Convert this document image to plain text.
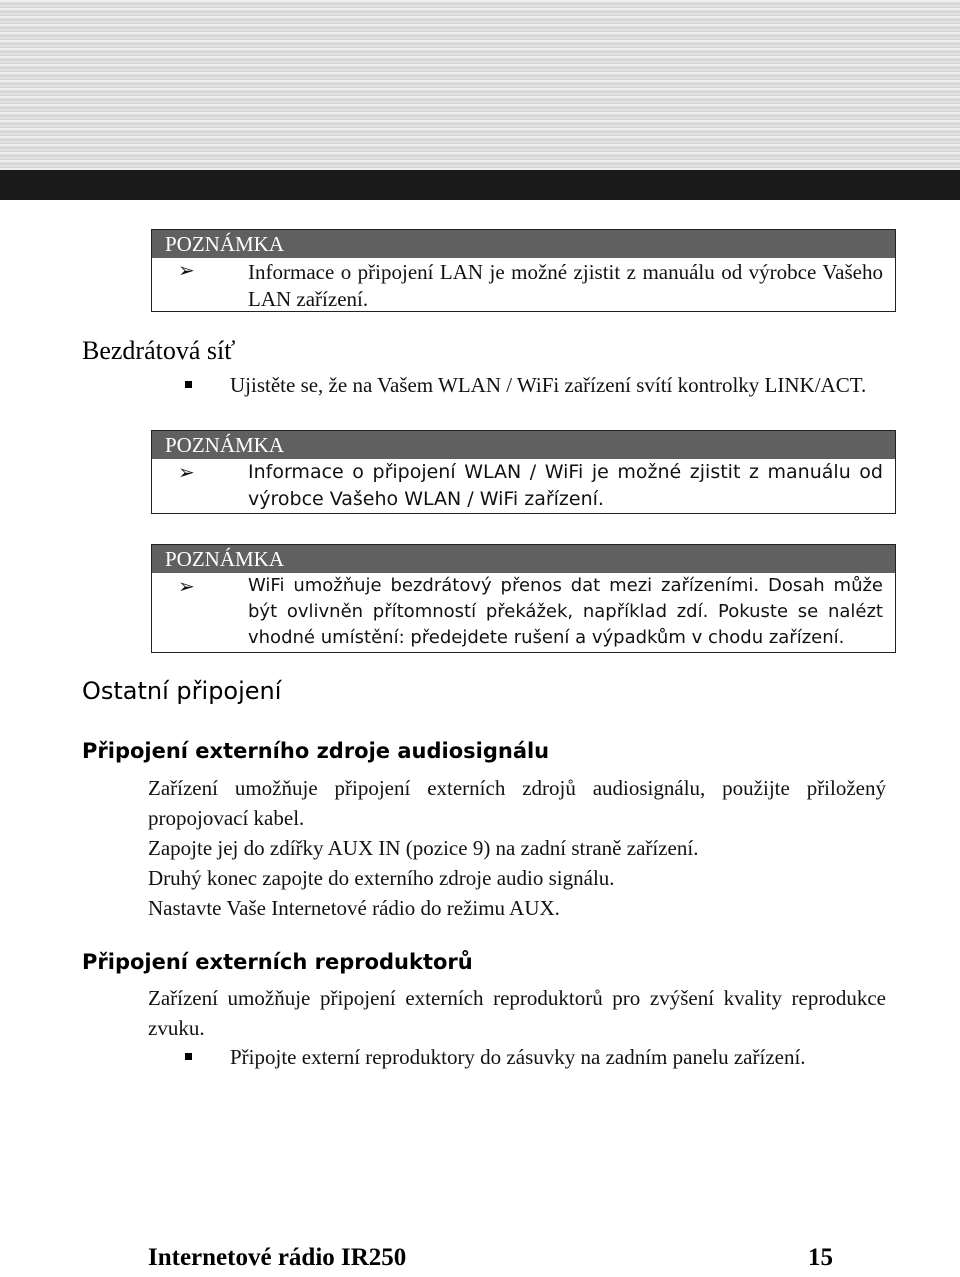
POZNÁMKA
➢	Informace o připojení LAN je možné zjistit z manuálu od výrobce Vašeho LAN zařízení.
Bezdrátová síť
Ujistěte se, že na Vašem WLAN / WiFi zařízení svítí kontrolky LINK/ACT.
POZNÁMKA
➢	Informace o připojení WLAN / WiFi je možné zjistit z manuálu od výrobce Vašeho WLAN / WiFi zařízení.
POZNÁMKA
➢	WiFi umožňuje bezdrátový přenos dat mezi zařízeními. Dosah může být ovlivněn přítomností překážek, například zdí. Pokuste se nalézt vhodné umístění: předejdete rušení a výpadkům v chodu zařízení.
Ostatní připojení
Připojení externího zdroje audiosignálu
Zařízení umožňuje připojení externích zdrojů audiosignálu, použijte přiložený propojovací kabel.
Zapojte jej do zdířky AUX IN (pozice 9) na zadní straně zařízení.
Druhý konec zapojte do externího zdroje audio signálu.
Nastavte Vaše Internetové rádio do režimu AUX.
Připojení externích reproduktorů
Zařízení umožňuje připojení externích reproduktorů pro zvýšení kvality reprodukce zvuku.
Připojte externí reproduktory do zásuvky na zadním panelu zařízení.
Internetové rádio IR250	15
